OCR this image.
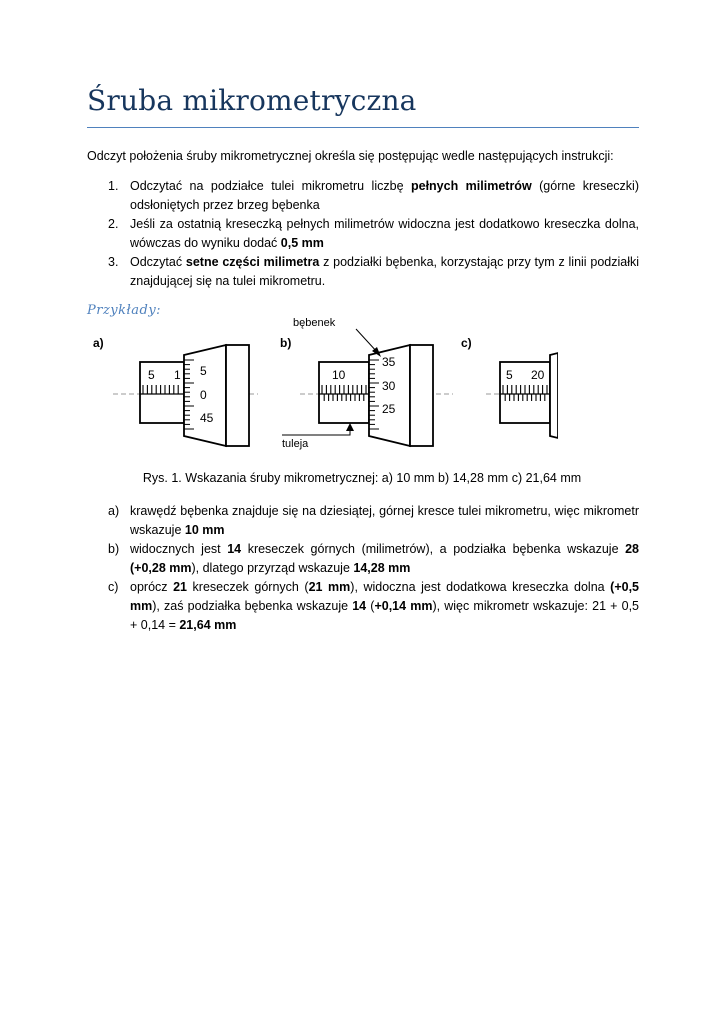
Śruba mikrometryczna

Odczyt położenia śruby mikrometrycznej określa się postępując wedle następujących instrukcji:

1. Odczytać na podziałce tulei mikrometru liczbę pełnych milimetrów (górne kreseczki) odsłoniętych przez brzeg bębenka
2. Jeśli za ostatnią kreseczką pełnych milimetrów widoczna jest dodatkowo kreseczka dolna, wówczas do wyniku dodać 0,5 mm
3. Odczytać setne części milimetra z podziałki bębenka, korzystając przy tym z linii podziałki znajdującej się na tulei mikrometru.
Przykłady:
a)	b)	c)
5 1 5
0
45
10
35
30
25
bębenek
tuleja
5 20
Rys. 1. Wskazania śruby mikrometrycznej: a) 10 mm b) 14,28 mm c) 21,64 mm
a) krawędź bębenka znajduje się na dziesiątej, górnej kresce tulei mikrometru, więc mikrometr wskazuje 10 mm
b) widocznych jest 14 kreseczek górnych (milimetrów), a podziałka bębenka wskazuje 28 (+0,28 mm), dlatego przyrząd wskazuje 14,28 mm
c) oprócz 21 kreseczek górnych (21 mm), widoczna jest dodatkowa kreseczka dolna (+0,5 mm), zaś podziałka bębenka wskazuje 14 (+0,14 mm), więc mikrometr wskazuje: 21 + 0,5 + 0,14 = 21,64 mm
